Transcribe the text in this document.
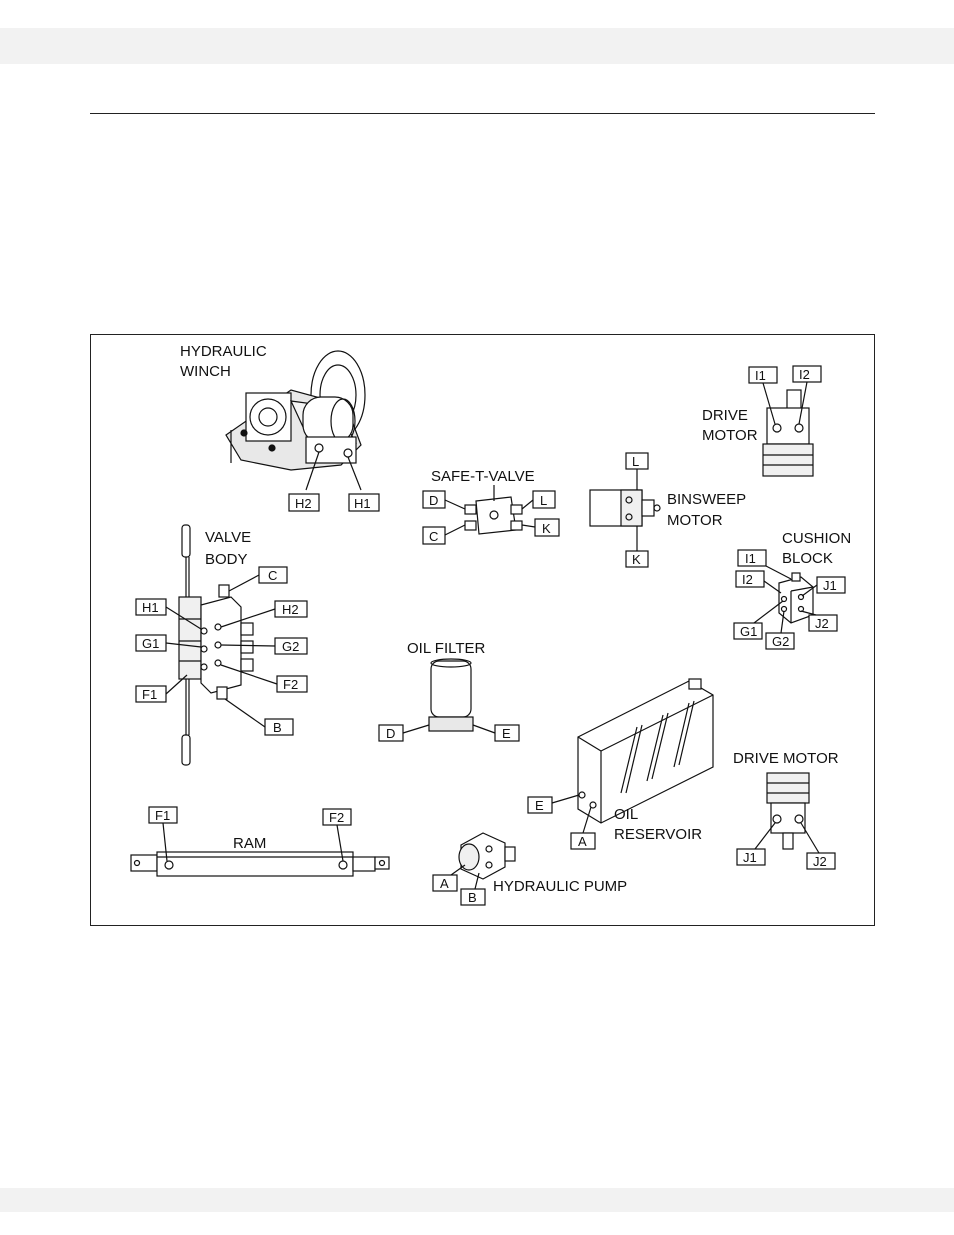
HYDRAULIC
WINCH
H2	H1
SAFE-T-VALVE
D	L
C
K
L
K
BINSWEEP
MOTOR
I1	I2
DRIVE
MOTOR
CUSHION
BLOCK
I1
I2	J1
G1
G2
J2
VALVE
BODY
C
H1	H2
G1	G2
F1
F2
B
OIL FILTER
D	E
E
A
OIL
RESERVOIR
DRIVE MOTOR
J1	J2
F1	F2
RAM
A
B
HYDRAULIC PUMP
